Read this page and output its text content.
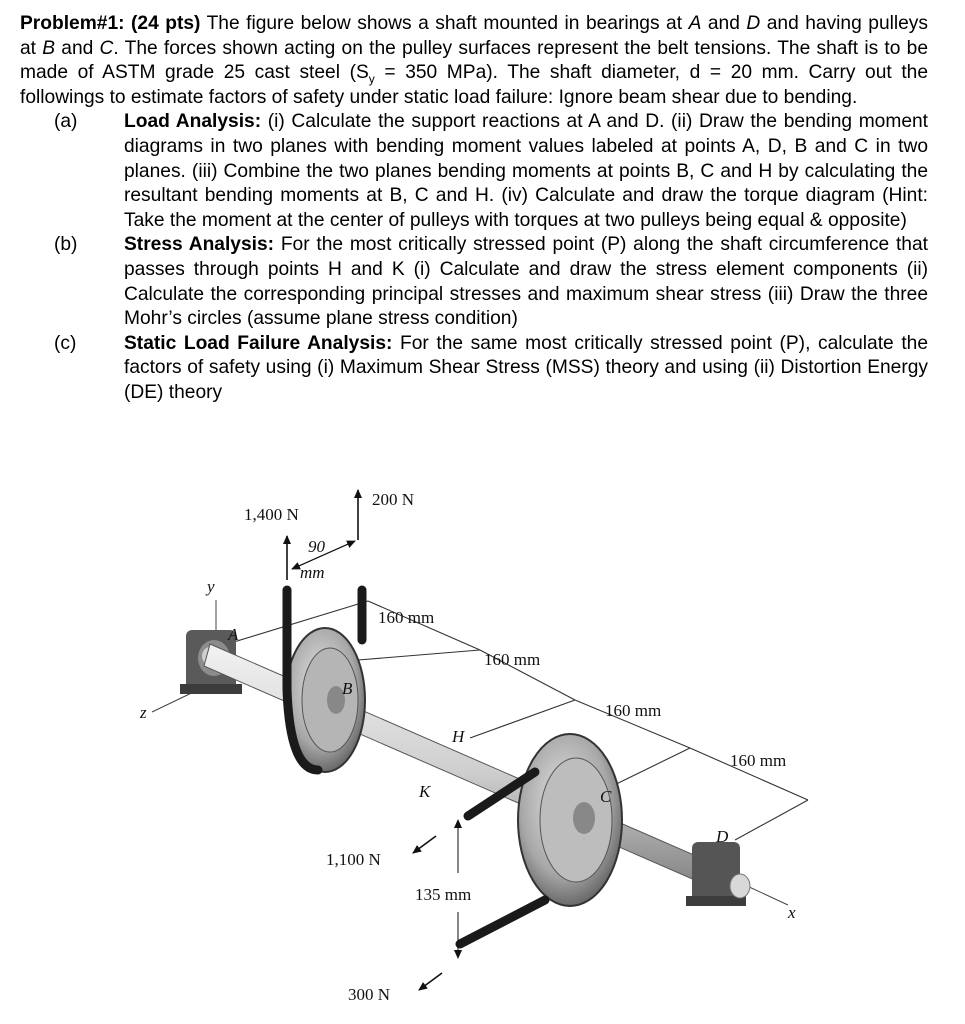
Problem#1: (24 pts) The figure below shows a shaft mounted in bearings at A and D and having pulleys at B and C. The forces shown acting on the pulley surfaces represent the belt tensions. The shaft is to be made of ASTM grade 25 cast steel ($S_y = 350$ MPa). The shaft diameter, d = 20 mm. Carry out the followings to estimate factors of safety under static load failure: Ignore beam shear due to bending.

(a) Load Analysis: (i) Calculate the support reactions at A and D. (ii) Draw the bending moment diagrams in two planes with bending moment values labeled at points A, D, B and C in two planes. (iii) Combine the two planes bending moments at points B, C and H by calculating the resultant bending moments at B, C and H. (iv) Calculate and draw the torque diagram (Hint: Take the moment at the center of pulleys with torques at two pulleys being equal & opposite)

(b) Stress Analysis: For the most critically stressed point (P) along the shaft circumference that passes through points H and K (i) Calculate and draw the stress element components (ii) Calculate the corresponding principal stresses and maximum shear stress (iii) Draw the three Mohr’s circles (assume plane stress condition)

(c) Static Load Failure Analysis: For the same most critically stressed point (P), calculate the factors of safety using (i) Maximum Shear Stress (MSS) theory and using (ii) Distortion Energy (DE) theory

1,400 N
200 N
90
mm
160 mm
160 mm
160 mm
160 mm
1,100 N
135 mm
300 N
y
z
x
A
B
H
K	C
D
